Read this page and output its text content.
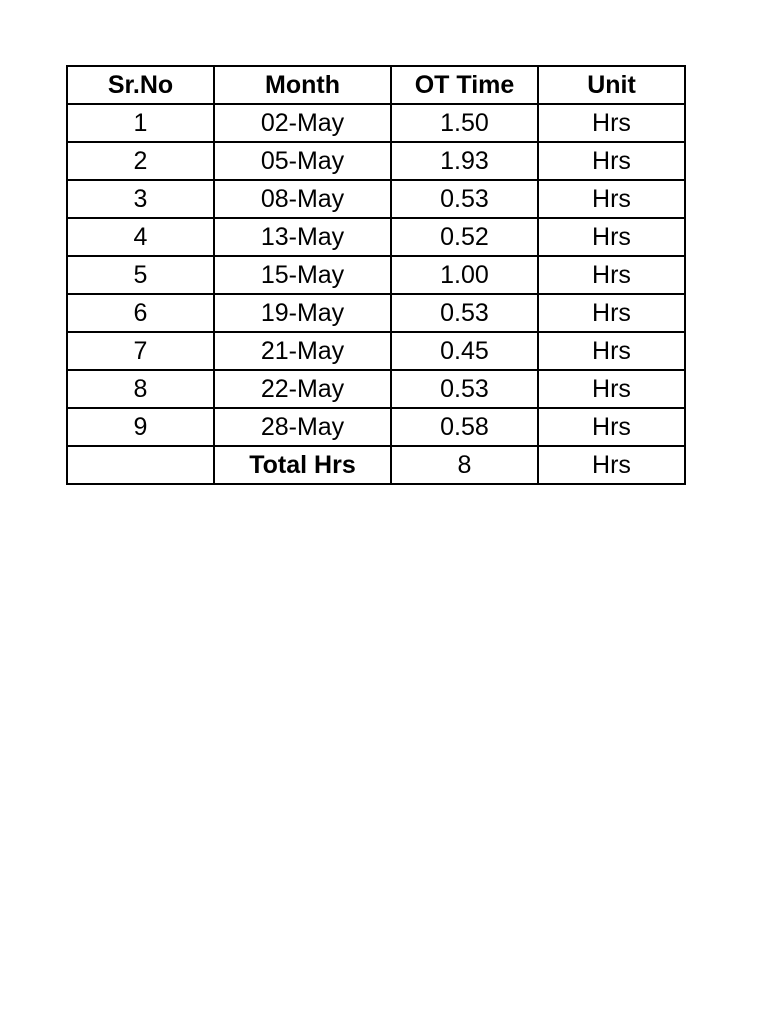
Sr.No	Month	OT Time	Unit
1	02-May	1.50	Hrs
2	05-May	1.93	Hrs
3	08-May	0.53	Hrs
4	13-May	0.52	Hrs
5	15-May	1.00	Hrs
6	19-May	0.53	Hrs
7	21-May	0.45	Hrs
8	22-May	0.53	Hrs
9	28-May	0.58	Hrs
	Total Hrs	8	Hrs
